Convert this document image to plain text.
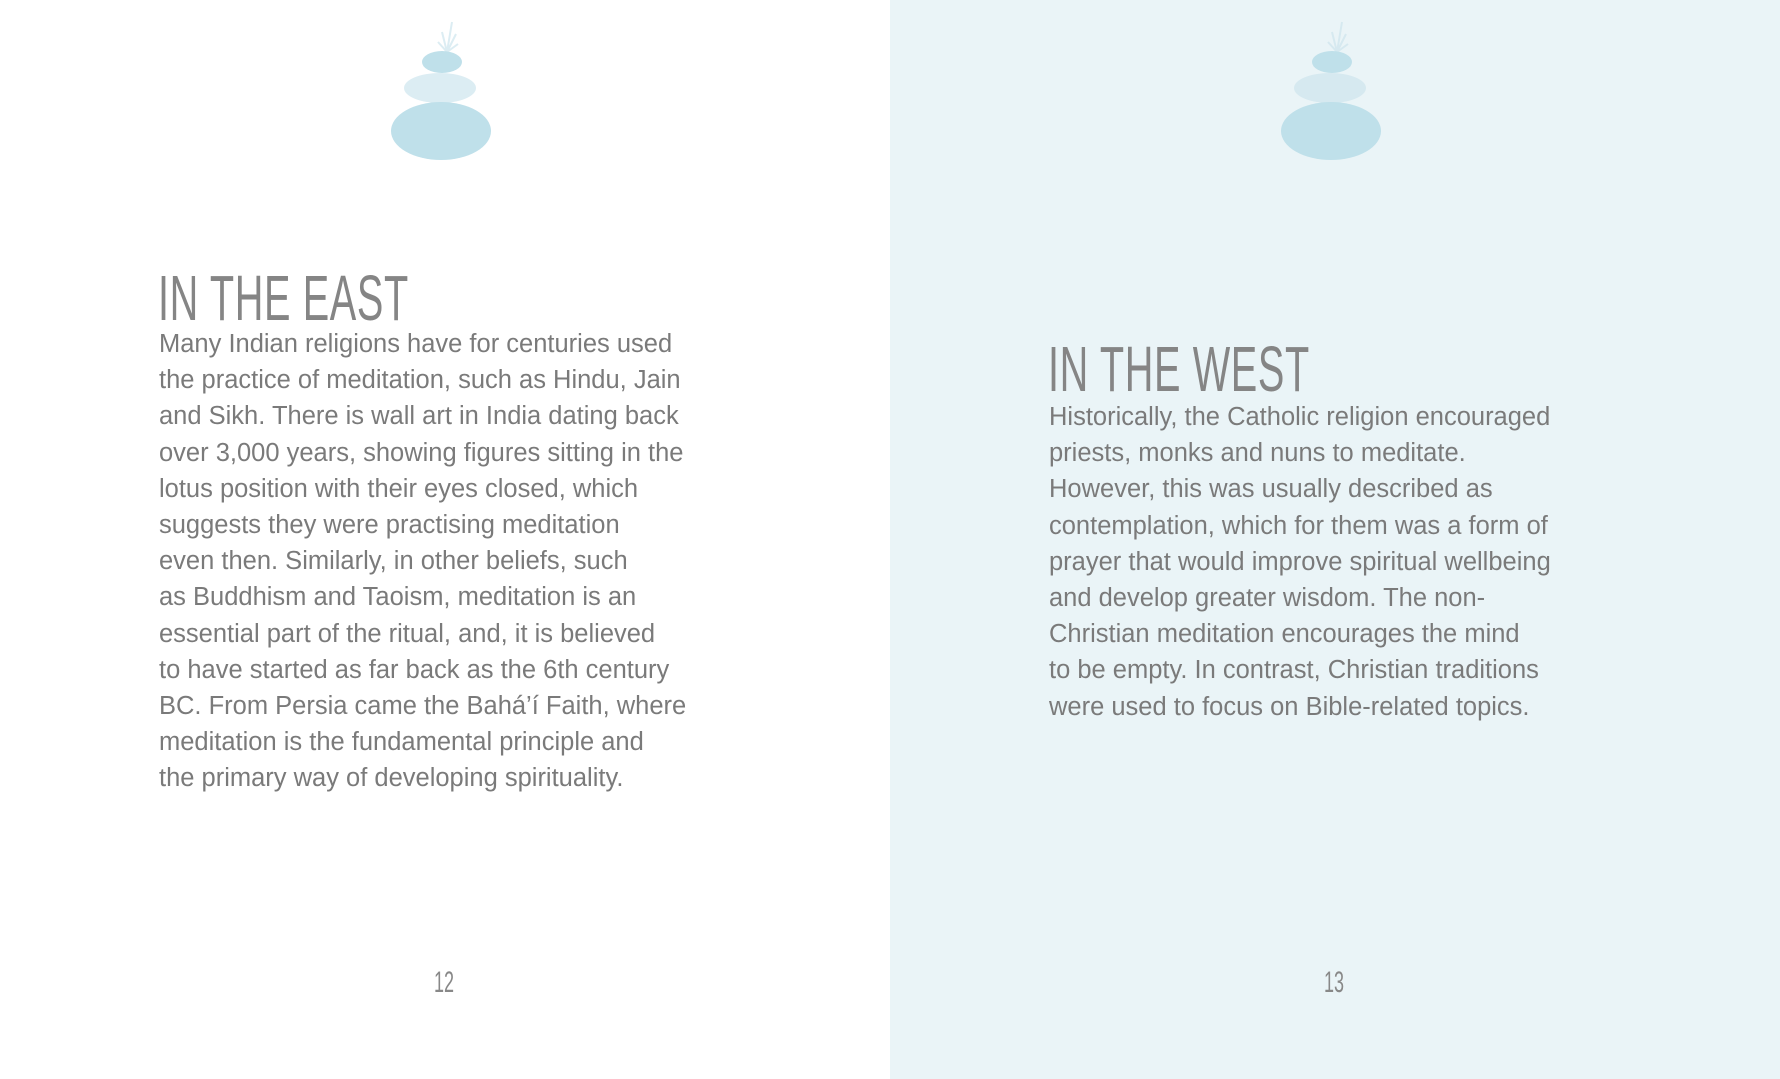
IN THE EAST
Many Indian religions have for centuries used
the practice of meditation, such as Hindu, Jain
and Sikh. There is wall art in India dating back
over 3,000 years, showing figures sitting in the
lotus position with their eyes closed, which
suggests they were practising meditation
even then. Similarly, in other beliefs, such
as Buddhism and Taoism, meditation is an
essential part of the ritual, and, it is believed
to have started as far back as the 6th century
BC. From Persia came the Bahá’í Faith, where
meditation is the fundamental principle and
the primary way of developing spirituality.
12
IN THE WEST
Historically, the Catholic religion encouraged
priests, monks and nuns to meditate.
However, this was usually described as
contemplation, which for them was a form of
prayer that would improve spiritual wellbeing
and develop greater wisdom. The non-
Christian meditation encourages the mind
to be empty. In contrast, Christian traditions
were used to focus on Bible-related topics.
13
